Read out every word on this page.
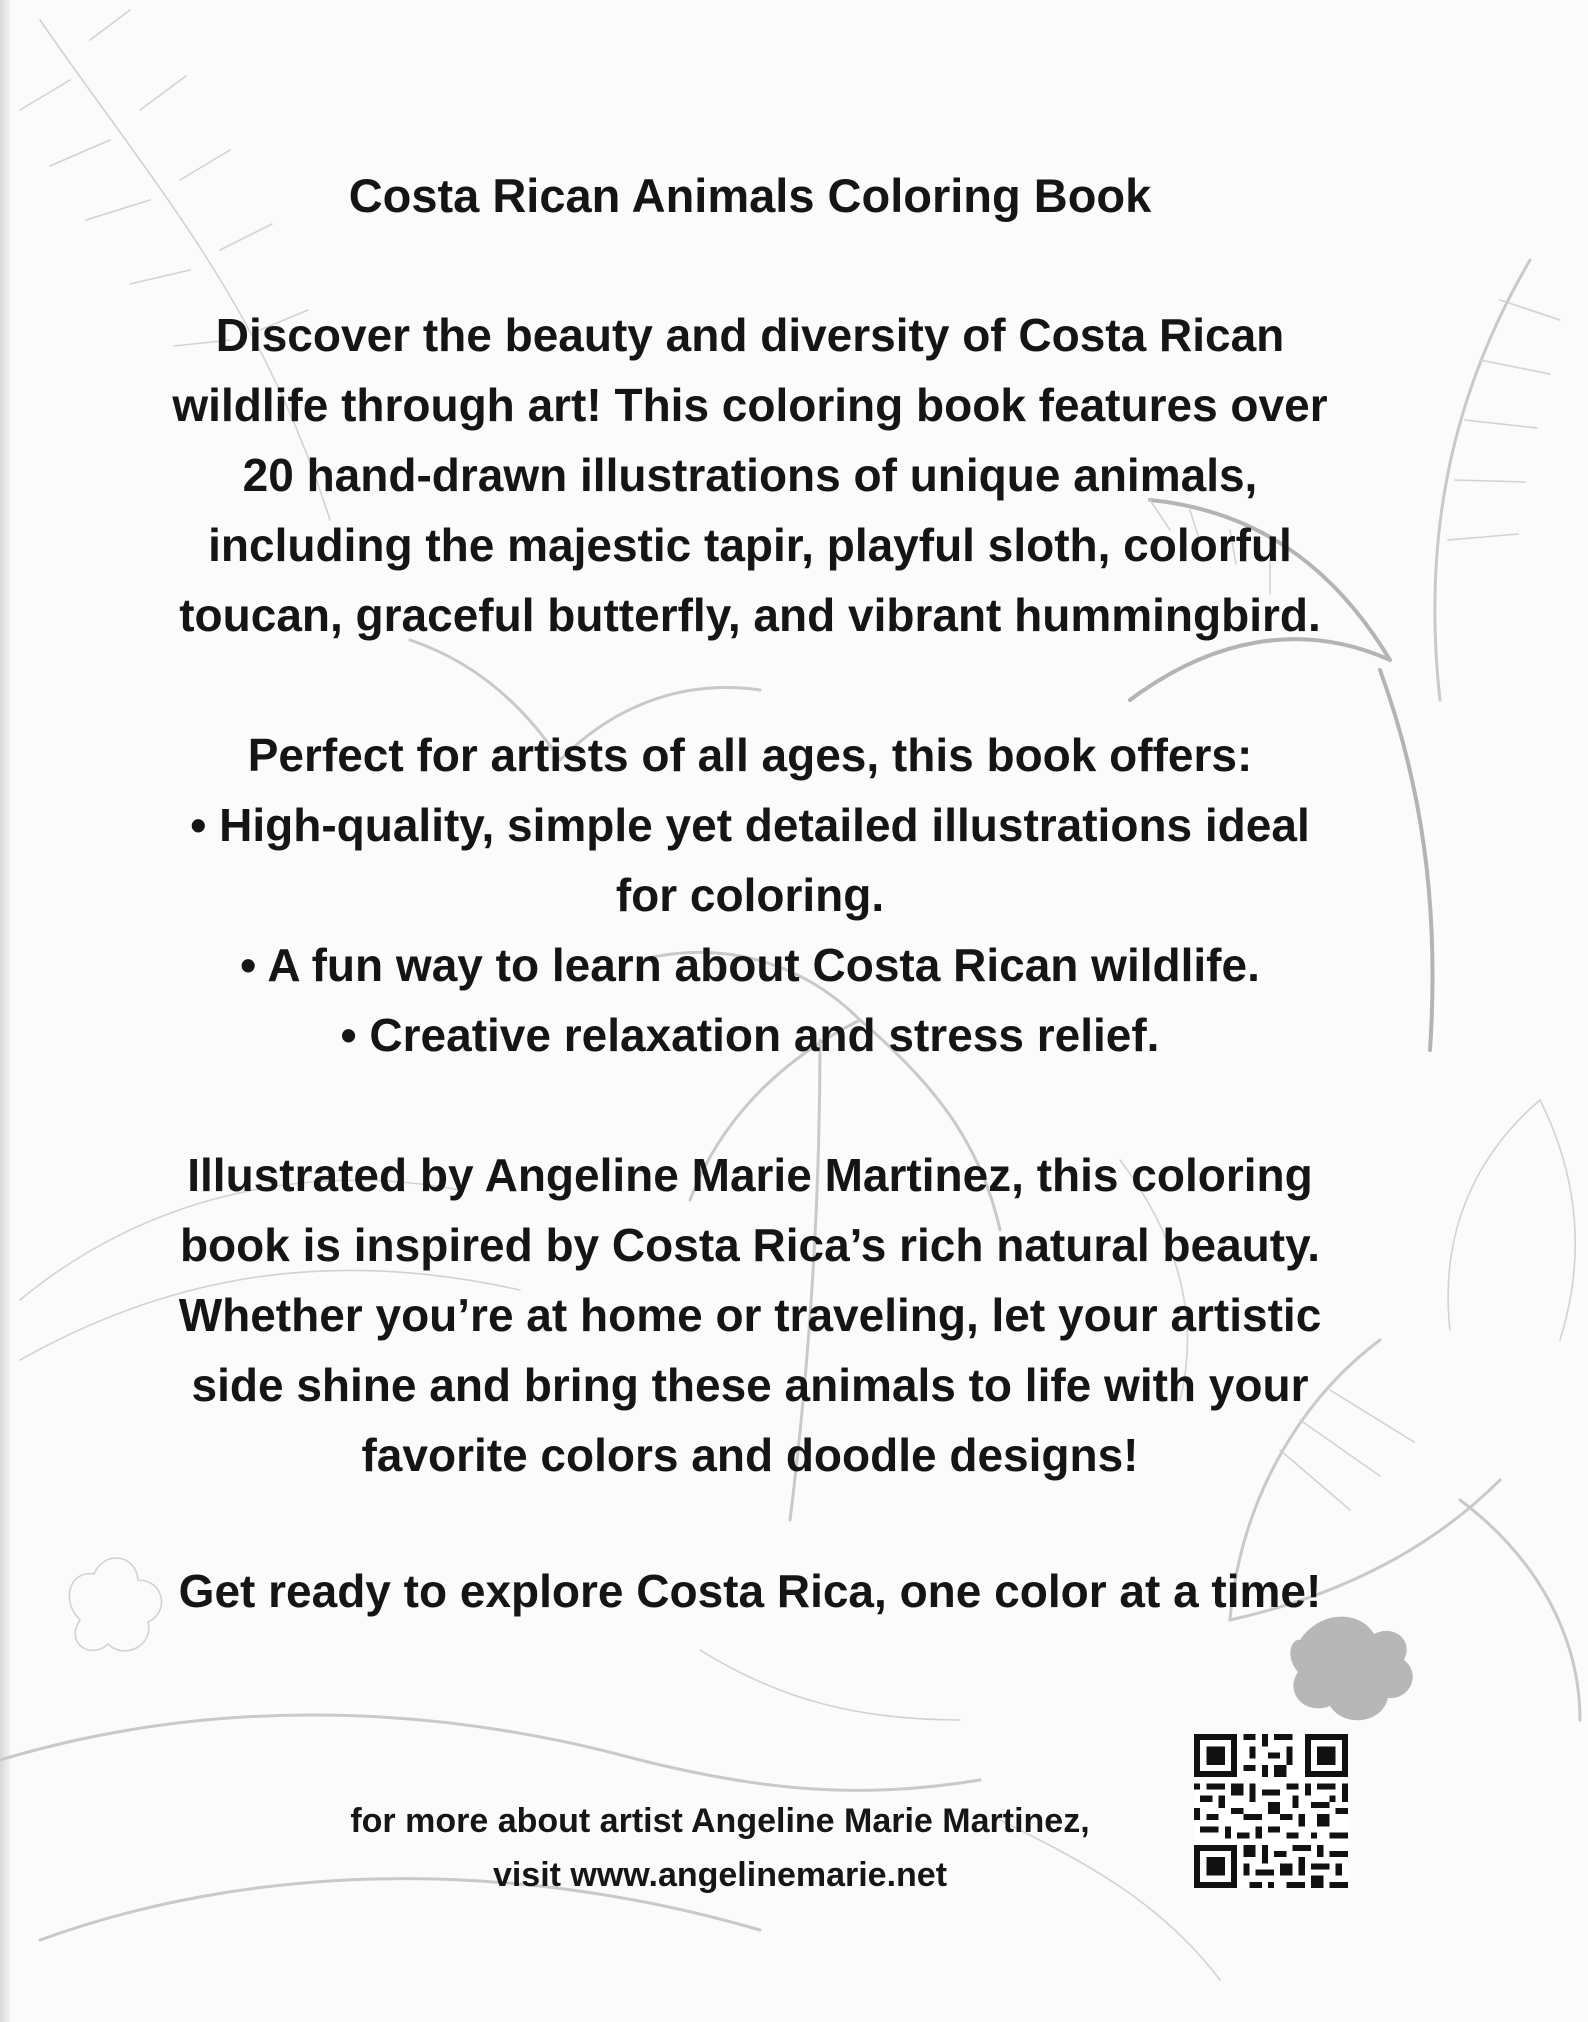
Costa Rican Animals Coloring Book
Discover the beauty and diversity of Costa Rican
wildlife through art! This coloring book features over
20 hand-drawn illustrations of unique animals,
including the majestic tapir, playful sloth, colorful
toucan, graceful butterfly, and vibrant hummingbird.
Perfect for artists of all ages, this book offers:
• High-quality, simple yet detailed illustrations ideal
for coloring.
• A fun way to learn about Costa Rican wildlife.
• Creative relaxation and stress relief.
Illustrated by Angeline Marie Martinez, this coloring
book is inspired by Costa Rica’s rich natural beauty.
Whether you’re at home or traveling, let your artistic
side shine and bring these animals to life with your
favorite colors and doodle designs!
Get ready to explore Costa Rica, one color at a time!
for more about artist Angeline Marie Martinez,
visit www.angelinemarie.net
